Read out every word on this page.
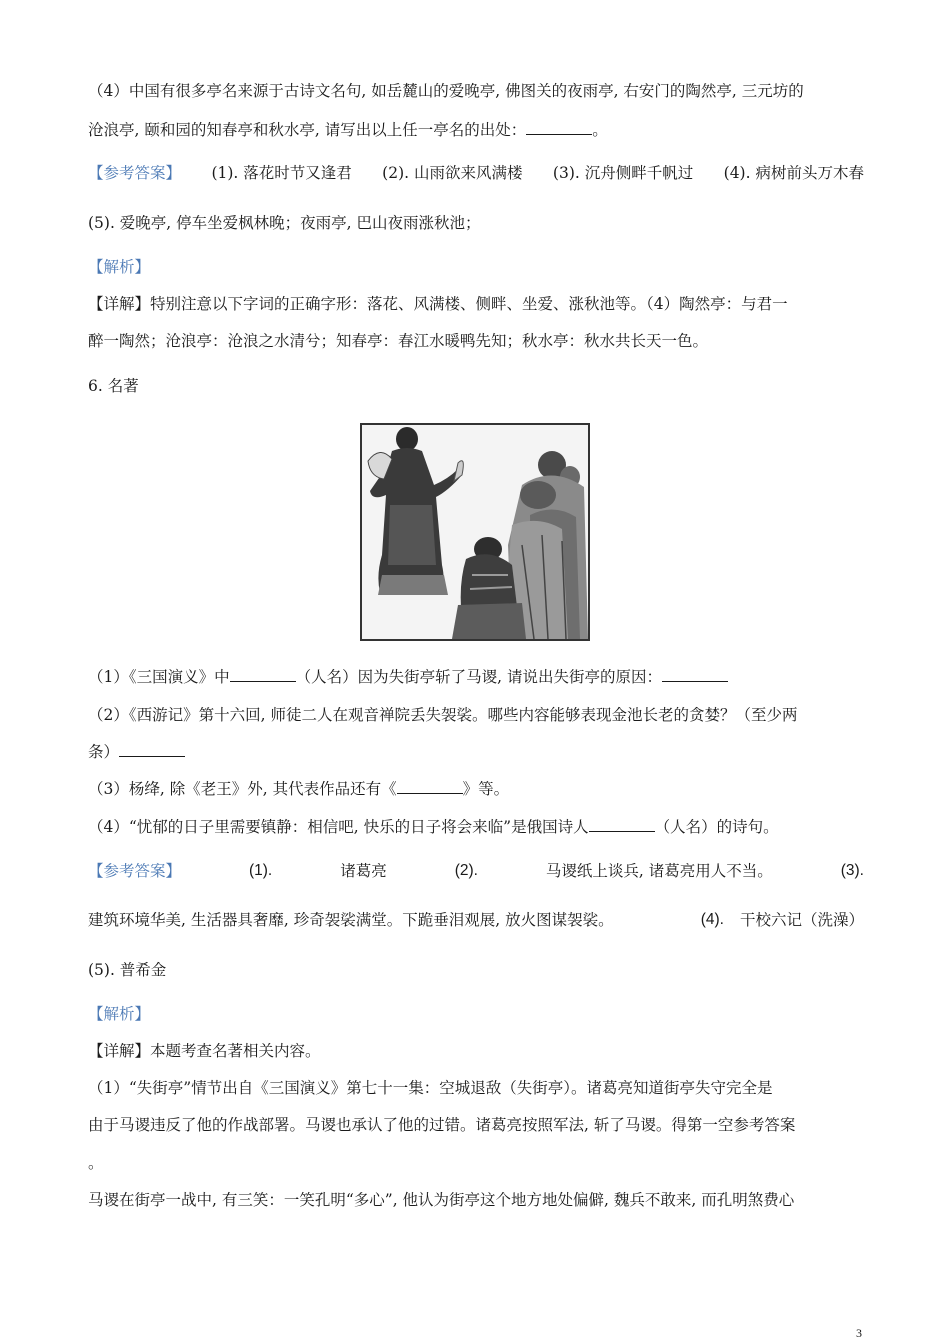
（4）中国有很多亭名来源于古诗文名句, 如岳麓山的爱晚亭, 佛图关的夜雨亭, 右安门的陶然亭, 三元坊的
沧浪亭, 颐和园的知春亭和秋水亭, 请写出以上任一亭名的出处：	。
【参考答案】 (1). 落花时节又逢君 (2). 山雨欲来风满楼 (3). 沉舟侧畔千帆过 (4). 病树前头万木春
(5). 爱晚亭, 停车坐爱枫林晚；夜雨亭, 巴山夜雨涨秋池；
【解析】
【详解】特别注意以下字词的正确字形：落花、风满楼、侧畔、坐爱、涨秋池等。（4）陶然亭：与君一
醉一陶然；沧浪亭：沧浪之水清兮；知春亭：春江水暖鸭先知；秋水亭：秋水共长天一色。
6. 名著
（1）《三国演义》中	（人名）因为失街亭斩了马谡, 请说出失街亭的原因：
（2）《西游记》第十六回, 师徒二人在观音禅院丢失袈裟。哪些内容能够表现金池长老的贪婪？（至少两
条）
（3）杨绛, 除《老王》外, 其代表作品还有《	》等。
（4）“忧郁的日子里需要镇静：相信吧, 快乐的日子将会来临”是俄国诗人	（人名）的诗句。
【参考答案】	(1).	诸葛亮	(2).	马谡纸上谈兵, 诸葛亮用人不当。	(3).
建筑环境华美, 生活器具奢靡, 珍奇袈裟满堂。下跪垂泪观展, 放火图谋袈裟。	(4). 干校六记（洗澡）
(5). 普希金
【解析】
【详解】本题考查名著相关内容。
（1）“失街亭”情节出自《三国演义》第七十一集：空城退敌（失街亭）。诸葛亮知道街亭失守完全是
由于马谡违反了他的作战部署。马谡也承认了他的过错。诸葛亮按照军法, 斩了马谡。得第一空参考答案
。
马谡在街亭一战中, 有三笑：一笑孔明“多心”, 他认为街亭这个地方地处偏僻, 魏兵不敢来, 而孔明煞费心
3
